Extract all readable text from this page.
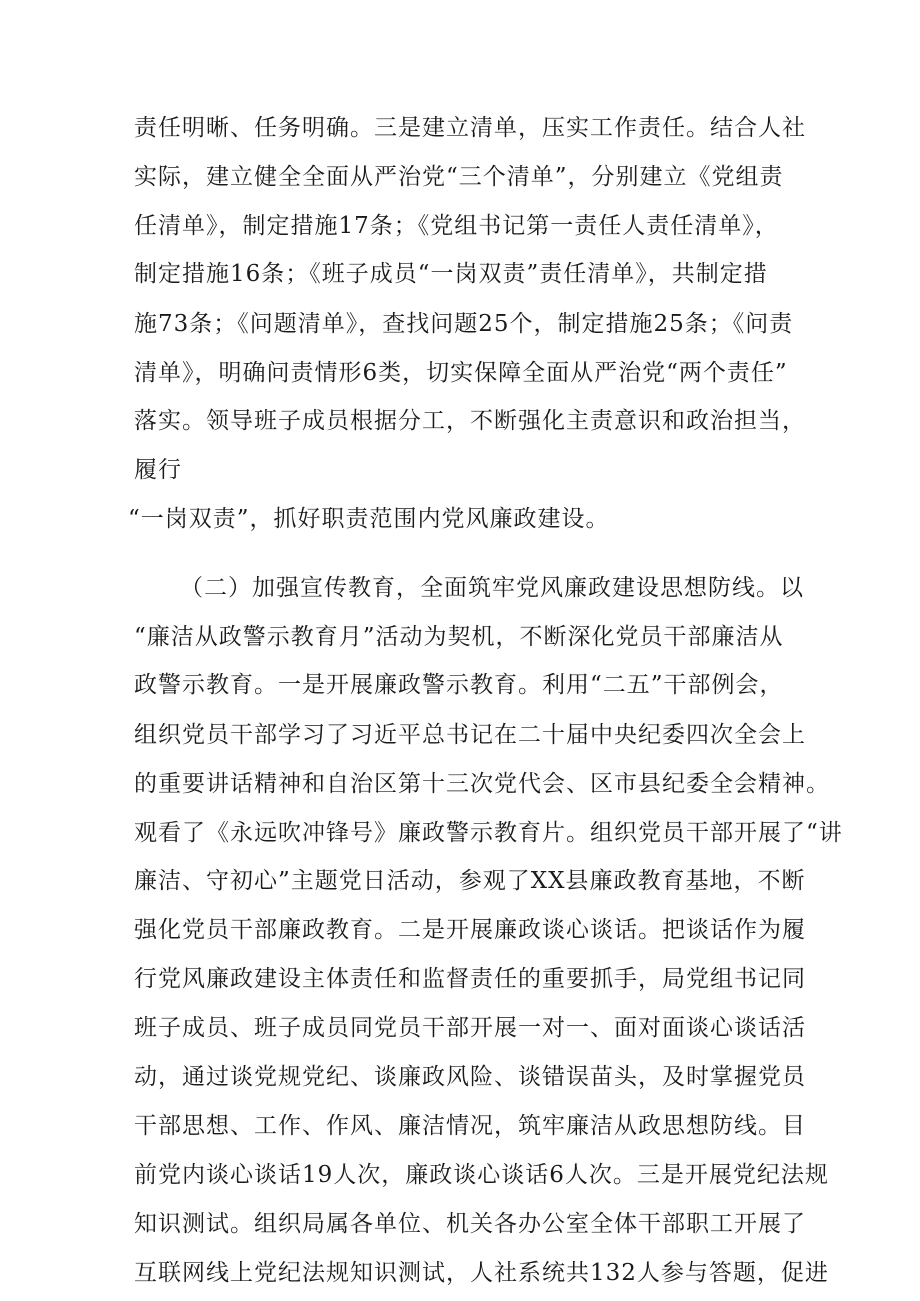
责任明晰、任务明确。三是建立清单，压实工作责任。结合人社
实际，建立健全全面从严治党“三个清单”，分别建立《党组责
任清单》，制定措施17条；《党组书记第一责任人责任清单》，
制定措施16条；《班子成员“一岗双责”责任清单》，共制定措
施73条；《问题清单》，查找问题25个，制定措施25条；《问责
清单》，明确问责情形6类，切实保障全面从严治党“两个责任”
落实。领导班子成员根据分工，不断强化主责意识和政治担当，
履行
“一岗双责”，抓好职责范围内党风廉政建设。
（二）加强宣传教育，全面筑牢党风廉政建设思想防线。以
“廉洁从政警示教育月”活动为契机，不断深化党员干部廉洁从
政警示教育。一是开展廉政警示教育。利用“二五”干部例会，
组织党员干部学习了习近平总书记在二十届中央纪委四次全会上
的重要讲话精神和自治区第十三次党代会、区市县纪委全会精神。
观看了《永远吹冲锋号》廉政警示教育片。组织党员干部开展了“讲
廉洁、守初心”主题党日活动，参观了XX县廉政教育基地，不断
强化党员干部廉政教育。二是开展廉政谈心谈话。把谈话作为履
行党风廉政建设主体责任和监督责任的重要抓手，局党组书记同
班子成员、班子成员同党员干部开展一对一、面对面谈心谈话活
动，通过谈党规党纪、谈廉政风险、谈错误苗头，及时掌握党员
干部思想、工作、作风、廉洁情况，筑牢廉洁从政思想防线。目
前党内谈心谈话19人次，廉政谈心谈话6人次。三是开展党纪法规
知识测试。组织局属各单位、机关各办公室全体干部职工开展了
互联网线上党纪法规知识测试，人社系统共132人参与答题，促进
